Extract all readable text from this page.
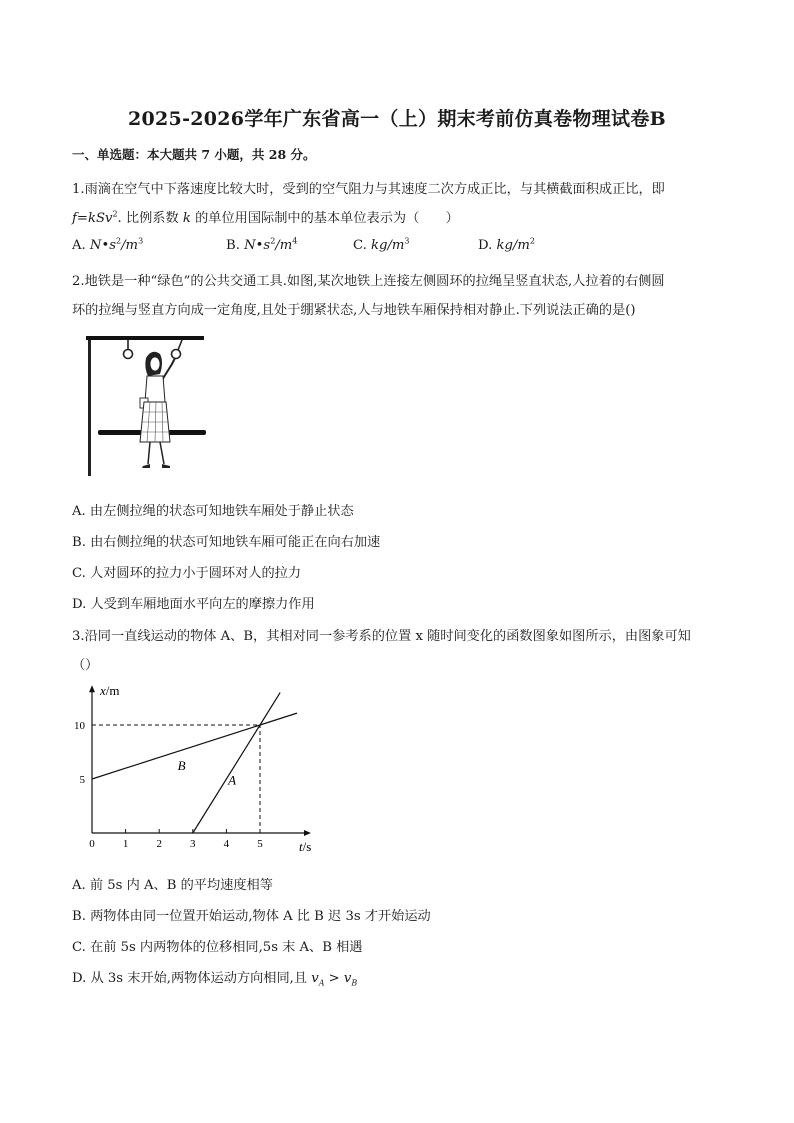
2025-2026学年广东省高一（上）期末考前仿真卷物理试卷B
一、单选题：本大题共 7 小题，共 28 分。
1.雨滴在空气中下落速度比较大时，受到的空气阻力与其速度二次方成正比，与其横截面积成正比，即
f=kSv$^2$. 比例系数 k 的单位用国际制中的基本单位表示为（　　）
A. $N•s^2/m^3$	B. $N•s^2/m^4$	C. $kg/m^3$	D. $kg/m^2$
2.地铁是一种“绿色”的公共交通工具.如图,某次地铁上连接左侧圆环的拉绳呈竖直状态,人拉着的右侧圆
环的拉绳与竖直方向成一定角度,且处于绷紧状态,人与地铁车厢保持相对静止.下列说法正确的是()
A. 由左侧拉绳的状态可知地铁车厢处于静止状态
B. 由右侧拉绳的状态可知地铁车厢可能正在向右加速
C. 人对圆环的拉力小于圆环对人的拉力
D. 人受到车厢地面水平向左的摩擦力作用
3.沿同一直线运动的物体 A、B，其相对同一参考系的位置 x 随时间变化的函数图象如图所示，由图象可知
（）
0	1	2	3	4	5
5
10
A
B
x/m
t/s
A. 前 5s 内 A、B 的平均速度相等
B. 两物体由同一位置开始运动,物体 A 比 B 迟 3s 才开始运动
C. 在前 5s 内两物体的位移相同,5s 末 A、B 相遇
D. 从 3s 末开始,两物体运动方向相同,且 $v_A > v_B$
